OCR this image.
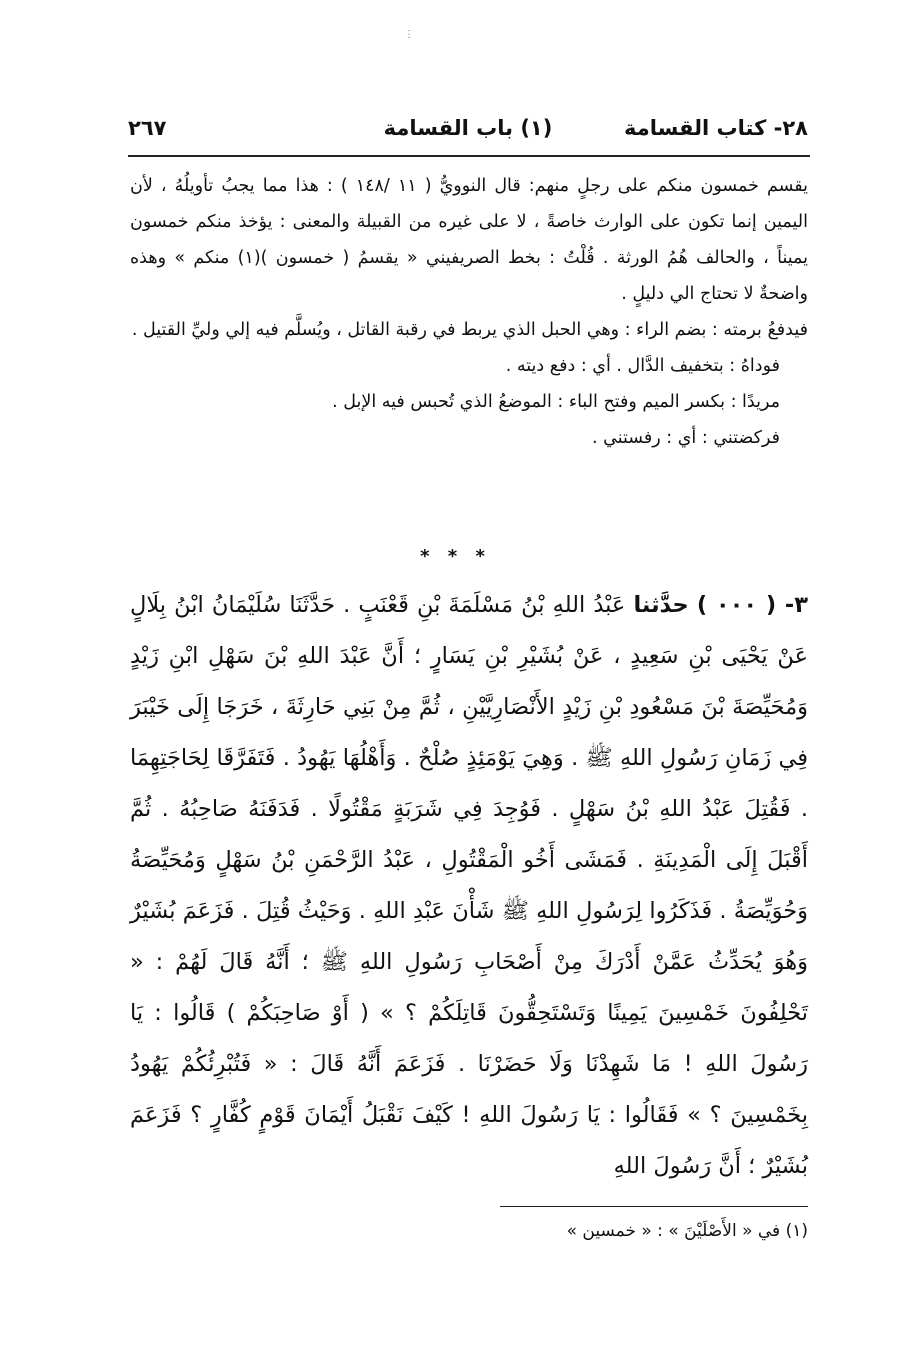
⋮
٢٨- كتاب القسامة
(١) باب القسامة
٢٦٧

يقسم خمسون منكم على رجلٍ منهم: قال النوويُّ ( ١١ /١٤٨ ) : هذا مما يجبُ تأويلُهُ ، لأن اليمين إنما تكون على الوارث خاصةً ، لا على غيره من القبيلة والمعنى : يؤخذ منكم خمسون يميناً ، والحالف هُمُ الورثة . قُلْتُ : بخط الصريفيني « يقسمُ ( خمسون )(١) منكم » وهذه واضحةٌ لا تحتاج الي دليلٍ .

فيدفعُ برمته : بضم الراء : وهي الحبل الذي يربط في رقبة القاتل ، ويُسلَّم فيه إلي وليِّ القتيل .

فوداهُ : بتخفيف الدَّال . أي : دفع ديته .

مريدًا : بكسر الميم وفتح الباء : الموضعُ الذي تُحبس فيه الإبل .

فركضتني : أي : رفستني .

* * *
٣- ( ٠٠٠ ) حدَّثنا عَبْدُ اللهِ بْنُ مَسْلَمَةَ بْنِ قَعْنَبٍ . حَدَّثَنَا سُلَيْمَانُ ابْنُ بِلَالٍ عَنْ يَحْيَى بْنِ سَعِيدٍ ، عَنْ بُشَيْرِ بْنِ يَسَارٍ ؛ أَنَّ عَبْدَ اللهِ بْنَ سَهْلِ ابْنِ زَيْدٍ وَمُحَيِّصَةَ بْنَ مَسْعُودِ بْنِ زَيْدٍ الأَنْصَارِيَّيْنِ ، ثُمَّ مِنْ بَنِي حَارِثَةَ ، خَرَجَا إِلَى خَيْبَرَ فِي زَمَانِ رَسُولِ اللهِ ﷺ . وَهِيَ يَوْمَئِذٍ صُلْحٌ . وَأَهْلُهَا يَهُودُ . فَتَفَرَّقَا لِحَاجَتِهِمَا . فَقُتِلَ عَبْدُ اللهِ بْنُ سَهْلٍ . فَوُجِدَ فِي شَرَبَةٍ مَقْتُولًا . فَدَفَنَهُ صَاحِبُهُ . ثُمَّ أَقْبَلَ إِلَى الْمَدِينَةِ . فَمَشَى أَخُو الْمَقْتُولِ ، عَبْدُ الرَّحْمَنِ بْنُ سَهْلٍ وَمُحَيِّصَةُ وَحُوَيِّصَةُ . فَذَكَرُوا لِرَسُولِ اللهِ ﷺ شَأْنَ عَبْدِ اللهِ . وَحَيْثُ قُتِلَ . فَزَعَمَ بُشَيْرٌ وَهُوَ يُحَدِّثُ عَمَّنْ أَدْرَكَ مِنْ أَصْحَابِ رَسُولِ اللهِ ﷺ ؛ أَنَّهُ قَالَ لَهُمْ : « تَحْلِفُونَ خَمْسِينَ يَمِينًا وَتَسْتَحِقُّونَ قَاتِلَكُمْ ؟ » ( أَوْ صَاحِبَكُمْ ) قَالُوا : يَا رَسُولَ اللهِ ! مَا شَهِدْنَا وَلَا حَضَرْنَا . فَزَعَمَ أَنَّهُ قَالَ : « فَتُبْرِئُكُمْ يَهُودُ بِخَمْسِينَ ؟ » فَقَالُوا : يَا رَسُولَ اللهِ ! كَيْفَ نَقْبَلُ أَيْمَانَ قَوْمٍ كُفَّارٍ ؟ فَزَعَمَ بُشَيْرٌ ؛ أَنَّ رَسُولَ اللهِ
(١) في « الأَصْلَيْنَ » : « خمسين »
